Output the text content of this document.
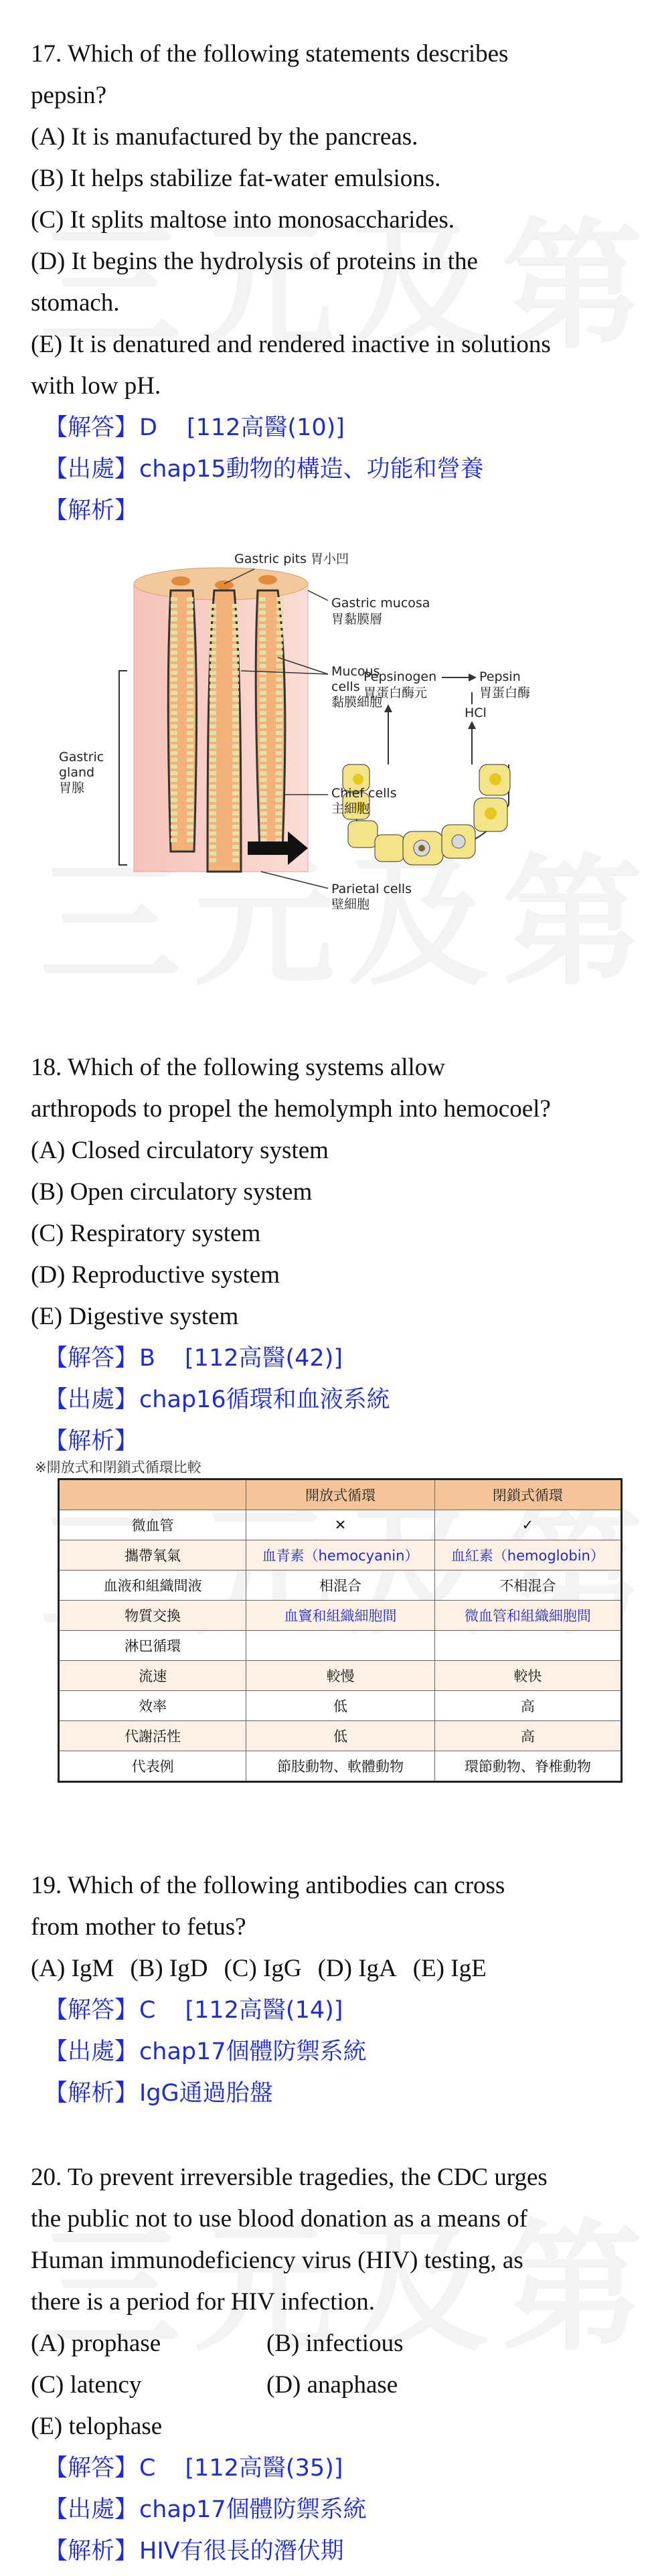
17. Which of the following statements describes
pepsin?
(A) It is manufactured by the pancreas.
(B) It helps stabilize fat-water emulsions.
(C) It splits maltose into monosaccharides.
(D) It begins the hydrolysis of proteins in the
stomach.
(E) It is denatured and rendered inactive in solutions
with low pH.
【解答】D [112高醫(10)]
【出處】chap15動物的構造、功能和營養
【解析】
Gastric pits 胃小凹
Gastric mucosa
胃黏膜層
Mucous
cells
黏膜細胞
Gastric
gland
胃腺	Chief cells
主細胞
Parietal cells
壁細胞
Pepsinogen
胃蛋白酶元
Pepsin
胃蛋白酶
HCl
18. Which of the following systems allow
arthropods to propel the hemolymph into hemocoel?
(A) Closed circulatory system
(B) Open circulatory system
(C) Respiratory system
(D) Reproductive system
(E) Digestive system
【解答】B [112高醫(42)]
【出處】chap16循環和血液系統
【解析】
※開放式和閉鎖式循環比較
	開放式循環	閉鎖式循環
微血管	✕	✓
攜帶氧氣	血青素（hemocyanin）	血紅素（hemoglobin）
血液和組織間液	相混合	不相混合
物質交換	血竇和組織細胞間	微血管和組織細胞間
淋巴循環		
流速	較慢	較快
效率	低	高
代謝活性	低	高
代表例	節肢動物、軟體動物	環節動物、脊椎動物
19. Which of the following antibodies can cross
from mother to fetus?
(A) IgM (B) IgD (C) IgG (D) IgA (E) IgE
【解答】C [112高醫(14)]
【出處】chap17個體防禦系統
【解析】IgG通過胎盤
20. To prevent irreversible tragedies, the CDC urges
the public not to use blood donation as a means of
Human immunodeficiency virus (HIV) testing, as
there is a period for HIV infection.
(A) prophase	(B) infectious
(C) latency	(D) anaphase
(E) telophase
【解答】C [112高醫(35)]
【出處】chap17個體防禦系統
【解析】HIV有很長的潛伏期
